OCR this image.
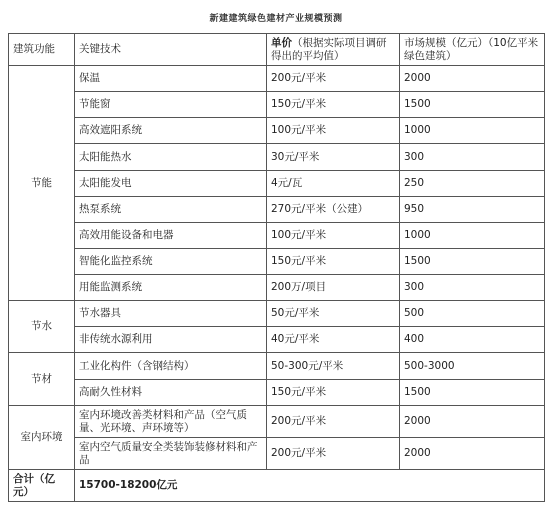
新建建筑绿色建材产业规模预测
建筑功能	关键技术	单价（根据实际项目调研得出的平均值）	市场规模（亿元）（10亿平米绿色建筑）
节能	保温	200元/平米	2000
	节能窗	150元/平米	1500
	高效遮阳系统	100元/平米	1000
	太阳能热水	30元/平米	300
	太阳能发电	4元/瓦	250
	热泵系统	270元/平米（公建）	950
	高效用能设备和电器	100元/平米	1000
	智能化监控系统	150元/平米	1500
	用能监测系统	200万/项目	300
节水	节水器具	50元/平米	500
	非传统水源利用	40元/平米	400
节材	工业化构件（含钢结构）	50-300元/平米	500-3000
	高耐久性材料	150元/平米	1500
室内环境	室内环境改善类材料和产品（空气质量、光环境、声环境等）	200元/平米	2000
	室内空气质量安全类装饰装修材料和产品	200元/平米	2000
合计（亿元）	15700-18200亿元		
